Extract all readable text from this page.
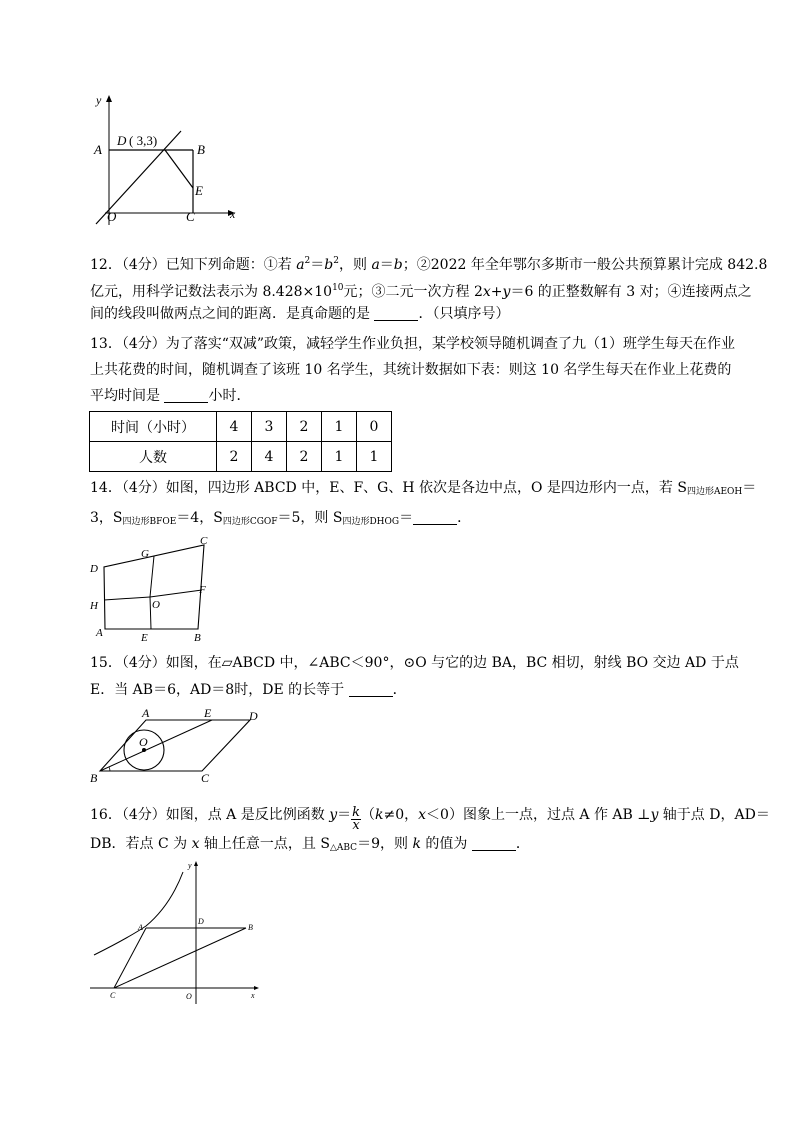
y
x
A
D ( 3,3)
B
E
O	C
12．（4分）已知下列命题：①若 $a^2=b^2$，则 a＝b；②2022 年全年鄂尔多斯市一般公共预算累计完成 842.8
亿元，用科学记数法表示为 $8.428\times 10^{10}$元；③二元一次方程 2x+y＝6 的正整数解有 3 对；④连接两点之
间的线段叫做两点之间的距离．是真命题的是	．（只填序号）
13．（4分）为了落实“双减”政策，减轻学生作业负担，某学校领导随机调查了九（1）班学生每天在作业
上共花费的时间，随机调查了该班 10 名学生，其统计数据如下表：则这 10 名学生每天在作业上花费的
平均时间是	小时．
时间（小时）	4	3	2	1	0
人数	2	4	2	1	1
14．（4分）如图，四边形 ABCD 中，E、F、G、H 依次是各边中点，O 是四边形内一点，若 $S_{四边形AEOH}=$
3，$S_{四边形BFOE}=4$，$S_{四边形CGOF}=5$，则 $S_{四边形DHOG}=$	．
G
C
D
F
H	O
A	E	B
15．（4分）如图，在▱ABCD 中，∠ABC＜90°，⊙O 与它的边 BA，BC 相切，射线 BO 交边 AD 于点
E．当 AB＝6，AD＝8时，DE 的长等于	．
A	E	D
O
B	C
16．（4分）如图，点 A 是反比例函数 $y= \frac{k}{x} (k\ne 0$，x＜0）图象上一点，过点 A 作 AB ⊥y 轴于点 D，AD＝
DB．若点 C 为 x 轴上任意一点，且 $S_{\triangle ABC}=9$，则 k 的值为	．
y
A
D
B
C	O	x
